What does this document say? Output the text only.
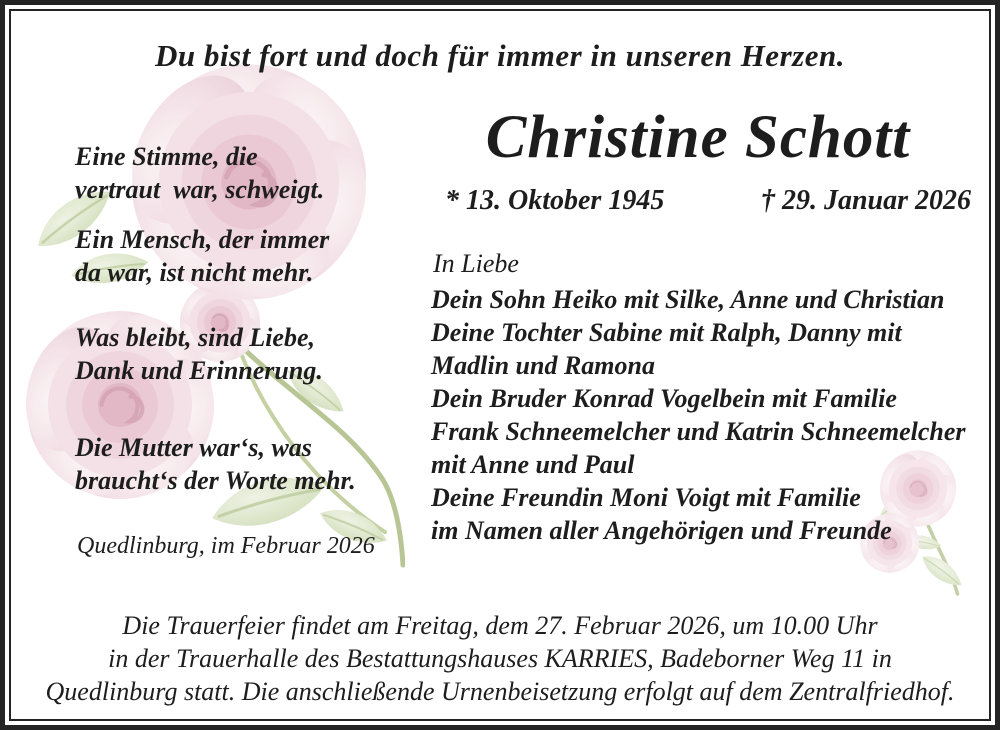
Du bist fort und doch für immer in unseren Herzen.
Eine Stimme, die
vertraut  war, schweigt.
Ein Mensch, der immer
da war, ist nicht mehr.
Was bleibt, sind Liebe,
Dank und Erinnerung.
Die Mutter war‘s, was
braucht‘s der Worte mehr.
Quedlinburg, im Februar 2026
Christine Schott
* 13. Oktober 1945	† 29. Januar 2026
In Liebe
Dein Sohn Heiko mit Silke, Anne und Christian
Deine Tochter Sabine mit Ralph, Danny mit
Madlin und Ramona
Dein Bruder Konrad Vogelbein mit Familie
Frank Schneemelcher und Katrin Schneemelcher
mit Anne und Paul
Deine Freundin Moni Voigt mit Familie
im Namen aller Angehörigen und Freunde
Die Trauerfeier findet am Freitag, dem 27. Februar 2026, um 10.00 Uhr
in der Trauerhalle des Bestattungshauses KARRIES, Badeborner Weg 11 in
Quedlinburg statt. Die anschließende Urnenbeisetzung erfolgt auf dem Zentralfriedhof.
